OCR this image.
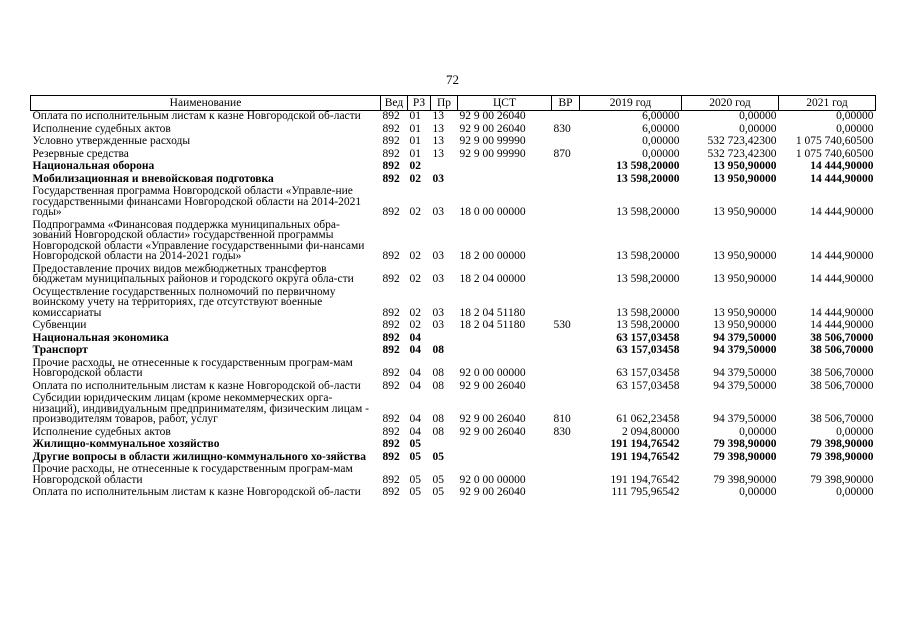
72
Наименование	Вед	РЗ	Пр	ЦСТ	ВР	2019 год	2020 год	2021 год
Оплата по исполнительным листам к казне Новгородской об-ласти	892	01	13	92 9 00 26040		6,00000	0,00000	0,00000
Исполнение судебных актов	892	01	13	92 9 00 26040	830	6,00000	0,00000	0,00000
Условно утвержденные расходы	892	01	13	92 9 00 99990		0,00000	532 723,42300	1 075 740,60500
Резервные средства	892	01	13	92 9 00 99990	870	0,00000	532 723,42300	1 075 740,60500
Национальная оборона	892	02				13 598,20000	13 950,90000	14 444,90000
Мобилизационная и вневойсковая подготовка	892	02	03			13 598,20000	13 950,90000	14 444,90000
Государственная программа Новгородской области «Управле-ние государственными финансами Новгородской области на 2014-2021 годы»	892	02	03	18 0 00 00000		13 598,20000	13 950,90000	14 444,90000
Подпрограмма «Финансовая поддержка муниципальных обра-зований Новгородской области» государственной программы Новгородской области «Управление государственными фи-нансами Новгородской области на 2014-2021 годы»	892	02	03	18 2 00 00000		13 598,20000	13 950,90000	14 444,90000
Предоставление прочих видов межбюджетных трансфертов бюджетам муниципальных районов и городского округа обла-сти	892	02	03	18 2 04 00000		13 598,20000	13 950,90000	14 444,90000
Осуществление государственных полномочий по первичному воинскому учету на территориях, где отсутствуют военные комиссариаты	892	02	03	18 2 04 51180		13 598,20000	13 950,90000	14 444,90000
Субвенции	892	02	03	18 2 04 51180	530	13 598,20000	13 950,90000	14 444,90000
Национальная экономика	892	04				63 157,03458	94 379,50000	38 506,70000
Транспорт	892	04	08			63 157,03458	94 379,50000	38 506,70000
Прочие расходы, не отнесенные к государственным програм-мам Новгородской области	892	04	08	92 0 00 00000		63 157,03458	94 379,50000	38 506,70000
Оплата по исполнительным листам к казне Новгородской об-ласти	892	04	08	92 9 00 26040		63 157,03458	94 379,50000	38 506,70000
Субсидии юридическим лицам (кроме некоммерческих орга-низаций), индивидуальным предпринимателям, физическим лицам - производителям товаров, работ, услуг	892	04	08	92 9 00 26040	810	61 062,23458	94 379,50000	38 506,70000
Исполнение судебных актов	892	04	08	92 9 00 26040	830	2 094,80000	0,00000	0,00000
Жилищно-коммунальное хозяйство	892	05				191 194,76542	79 398,90000	79 398,90000
Другие вопросы в области жилищно-коммунального хо-зяйства	892	05	05			191 194,76542	79 398,90000	79 398,90000
Прочие расходы, не отнесенные к государственным програм-мам Новгородской области	892	05	05	92 0 00 00000		191 194,76542	79 398,90000	79 398,90000
Оплата по исполнительным листам к казне Новгородской об-ласти	892	05	05	92 9 00 26040		111 795,96542	0,00000	0,00000
